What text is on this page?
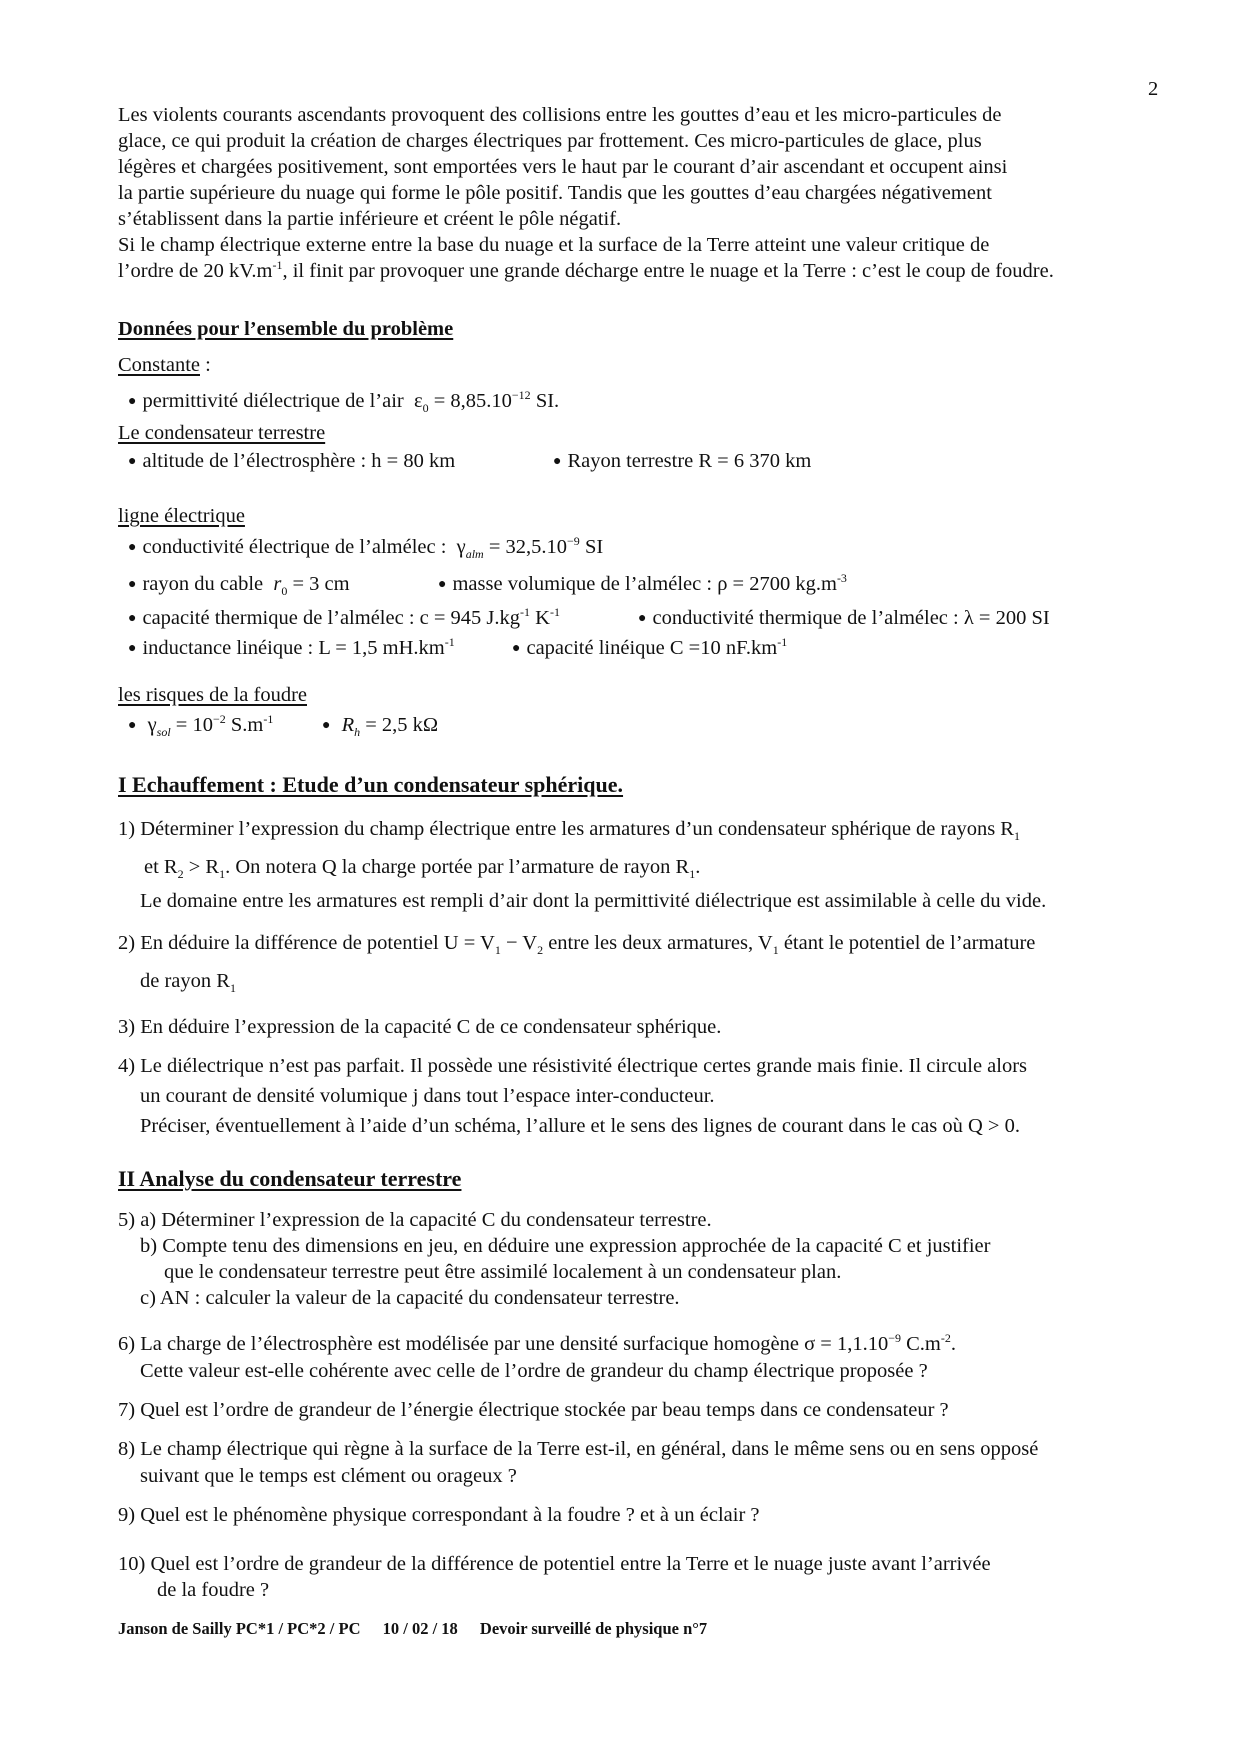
2
Les violents courants ascendants provoquent des collisions entre les gouttes d’eau et les micro-particules de
glace, ce qui produit la création de charges électriques par frottement. Ces micro-particules de glace, plus
légères et chargées positivement, sont emportées vers le haut par le courant d’air ascendant et occupent ainsi
la partie supérieure du nuage qui forme le pôle positif. Tandis que les gouttes d’eau chargées négativement
s’établissent dans la partie inférieure et créent le pôle négatif.
Si le champ électrique externe entre la base du nuage et la surface de la Terre atteint une valeur critique de
l’ordre de 20 $kV.m^{-1}$, il finit par provoquer une grande décharge entre le nuage et la Terre : c’est le coup de foudre.
Données pour l’ensemble du problème
Constante :
● permittivité diélectrique de l’air $\varepsilon_0 = 8,85.10^{-12}$ SI.
Le condensateur terrestre
● altitude de l’électrosphère : h = 80 km	● Rayon terrestre R = 6 370 km
ligne électrique
● conductivité électrique de l’almélec : $\gamma_{alm} = 32,5.10^{-9}$ SI
● rayon du cable $r_0 = 3$ cm	● masse volumique de l’almélec : ρ = 2700 $kg.m^{-3}$
● capacité thermique de l’almélec : c = 945 $J.kg^{-1}$ $K^{-1}$	● conductivité thermique de l’almélec : λ = 200 SI
● inductance linéique : L = 1,5 $mH.km^{-1}$	● capacité linéique C =10 $nF.km^{-1}$
les risques de la foudre
● $\gamma_{sol} = 10^{-2}$ $S.m^{-1}$	● $R_h = 2,5$ kΩ
I Echauffement : Etude d’un condensateur sphérique.
1) Déterminer l’expression du champ électrique entre les armatures d’un condensateur sphérique de rayons $R_1$
et $R_2 > R_1$. On notera Q la charge portée par l’armature de rayon $R_1$.
Le domaine entre les armatures est rempli d’air dont la permittivité diélectrique est assimilable à celle du vide.
2) En déduire la différence de potentiel $U = V_1 - V_2$ entre les deux armatures, $V_1$ étant le potentiel de l’armature
de rayon $R_1$
3) En déduire l’expression de la capacité C de ce condensateur sphérique.
4) Le diélectrique n’est pas parfait. Il possède une résistivité électrique certes grande mais finie. Il circule alors
un courant de densité volumique j dans tout l’espace inter-conducteur.
Préciser, éventuellement à l’aide d’un schéma, l’allure et le sens des lignes de courant dans le cas où Q > 0.
II Analyse du condensateur terrestre
5) a) Déterminer l’expression de la capacité C du condensateur terrestre.
b) Compte tenu des dimensions en jeu, en déduire une expression approchée de la capacité C et justifier
que le condensateur terrestre peut être assimilé localement à un condensateur plan.
c) AN : calculer la valeur de la capacité du condensateur terrestre.
6) La charge de l’électrosphère est modélisée par une densité surfacique homogène $\sigma = 1,1.10^{-9}$ $C.m^{-2}$.
Cette valeur est-elle cohérente avec celle de l’ordre de grandeur du champ électrique proposée ?
7) Quel est l’ordre de grandeur de l’énergie électrique stockée par beau temps dans ce condensateur ?
8) Le champ électrique qui règne à la surface de la Terre est-il, en général, dans le même sens ou en sens opposé
suivant que le temps est clément ou orageux ?
9) Quel est le phénomène physique correspondant à la foudre ? et à un éclair ?
10) Quel est l’ordre de grandeur de la différence de potentiel entre la Terre et le nuage juste avant l’arrivée
de la foudre ?
Janson de Sailly PC*1 / PC*2 / PC 10 / 02 / 18 Devoir surveillé de physique n°7
